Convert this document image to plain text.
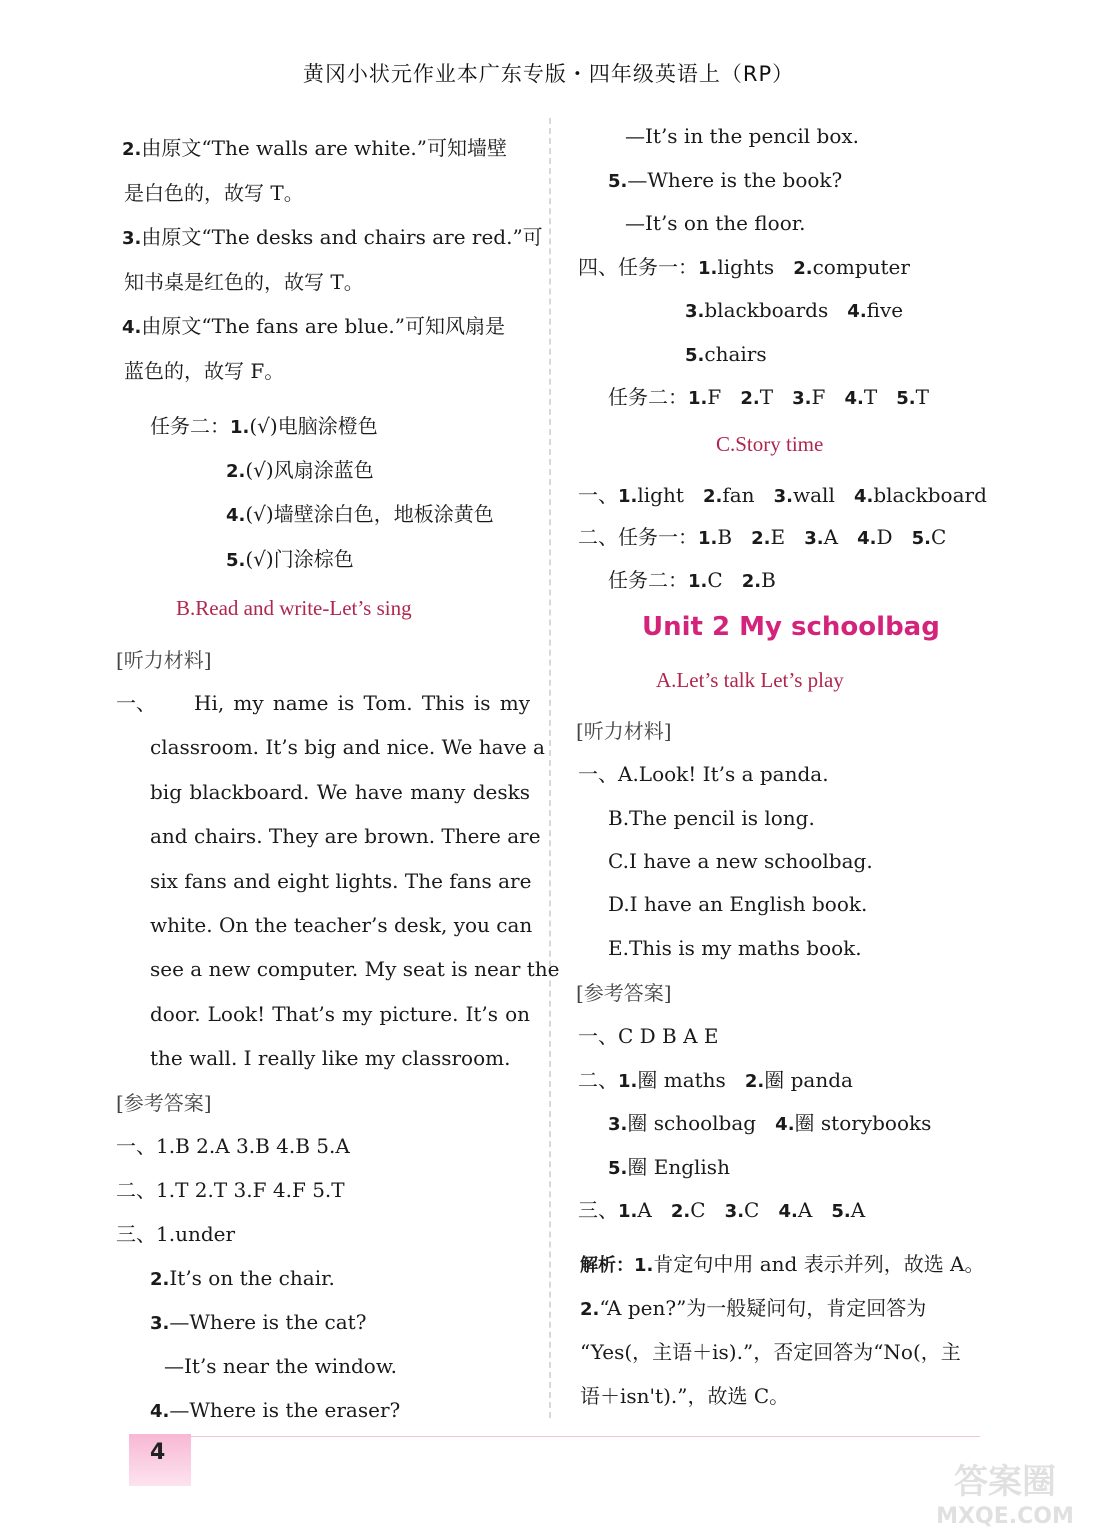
黄冈小状元作业本广东专版・四年级英语上（RP）
2.由原文“The walls are white.”可知墙壁
是白色的，故写 T。
3.由原文“The desks and chairs are red.”可
知书桌是红色的，故写 T。
4.由原文“The fans are blue.”可知风扇是
蓝色的，故写 F。
任务二：1.(√)电脑涂橙色
2.(√)风扇涂蓝色
4.(√)墙壁涂白色，地板涂黄色
5.(√)门涂棕色
B.Read and write-Let’s sing
[听力材料]
一、	Hi, my name is Tom. This is my
classroom. It’s big and nice. We have a
big blackboard. We have many desks
and chairs. They are brown. There are
six fans and eight lights. The fans are
white. On the teacher’s desk, you can
see a new computer. My seat is near the
door. Look! That’s my picture. It’s on
the wall. I really like my classroom.
[参考答案]
一、1.B 2.A 3.B 4.B 5.A
二、1.T 2.T 3.F 4.F 5.T
三、1.under
2.It’s on the chair.
3.—Where is the cat?
—It’s near the window.
4.—Where is the eraser?
—It’s in the pencil box.
5.—Where is the book?
—It’s on the floor.
四、任务一：1.lights 2.computer
3.blackboards 4.five
5.chairs
任务二：1.F 2.T 3.F 4.T 5.T
C.Story time
一、1.light 2.fan 3.wall 4.blackboard
二、任务一：1.B 2.E 3.A 4.D 5.C
任务二：1.C 2.B
Unit 2 My schoolbag
A.Let’s talk Let’s play
[听力材料]
一、A.Look! It’s a panda.
B.The pencil is long.
C.I have a new schoolbag.
D.I have an English book.
E.This is my maths book.
[参考答案]
一、C D B A E
二、1.圈 maths 2.圈 panda
3.圈 schoolbag 4.圈 storybooks
5.圈 English
三、1.A 2.C 3.C 4.A 5.A
解析：1.肯定句中用 and 表示并列，故选 A。
2.“A pen?”为一般疑问句，肯定回答为
“Yes(，主语＋is).”，否定回答为“No(，主
语＋isn't).”，故选 C。
4
答案圈
MXQE.COM
